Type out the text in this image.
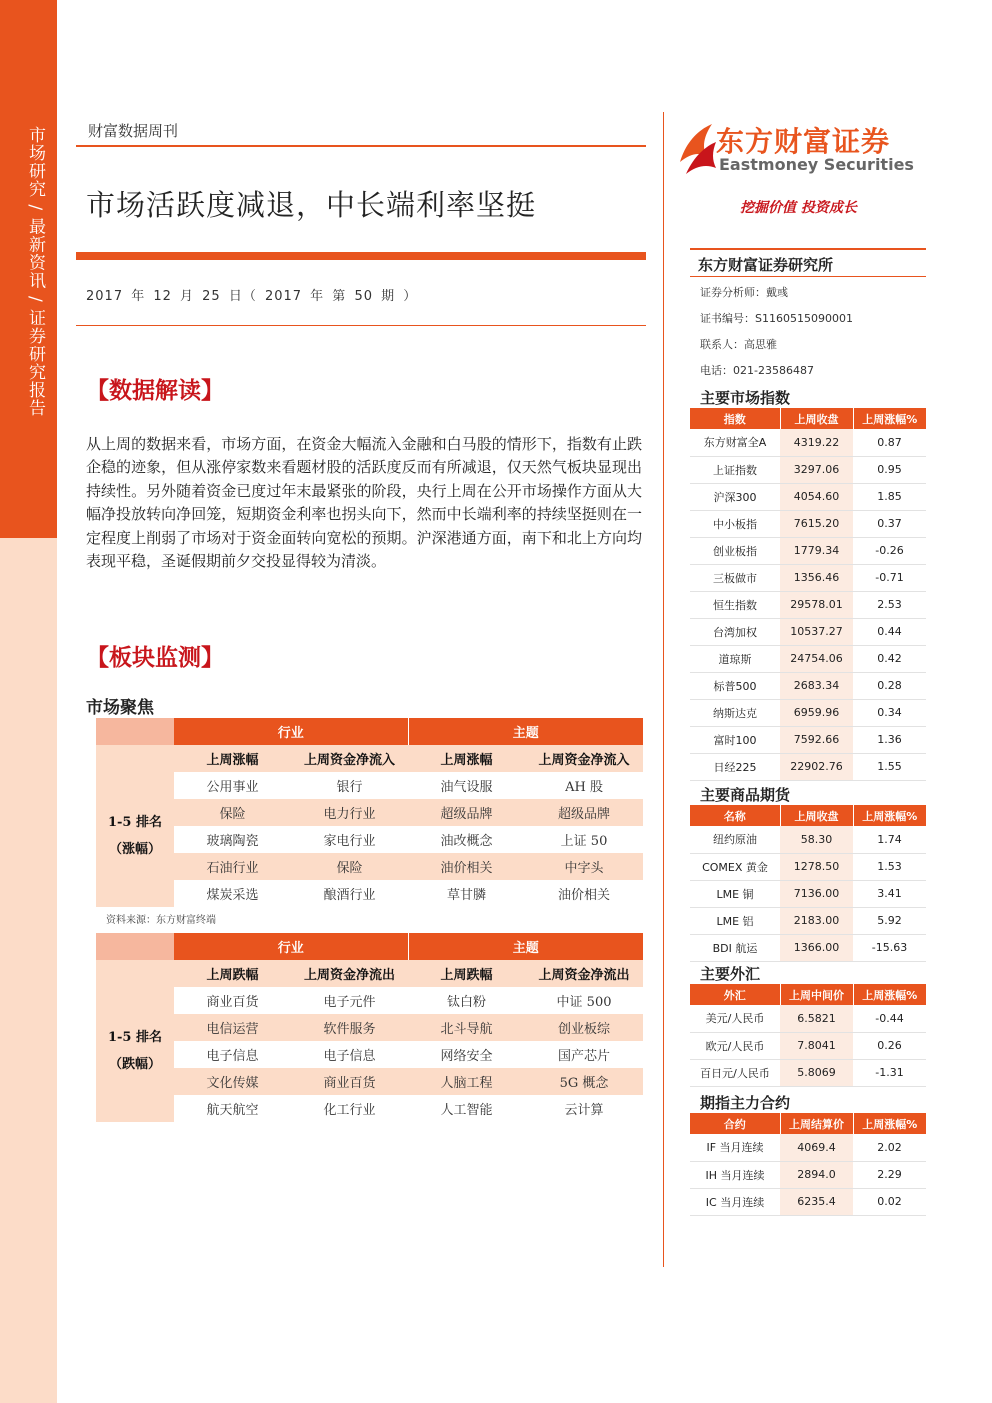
市场研究 / 最新资讯 / 证券研究报告	财富数据周刊
市场活跃度减退，中长端利率坚挺
2017 年 12 月 25 日（ 2017 年 第 50 期 ）
【数据解读】
从上周的数据来看，市场方面，在资金大幅流入金融和白马股的情形下，指数有止跌企稳的迹象，但从涨停家数来看题材股的活跃度反而有所减退，仅天然气板块显现出持续性。另外随着资金已度过年末最紧张的阶段，央行上周在公开市场操作方面从大幅净投放转向净回笼，短期资金利率也拐头向下，然而中长端利率的持续坚挺则在一定程度上削弱了市场对于资金面转向宽松的预期。沪深港通方面，南下和北上方向均表现平稳，圣诞假期前夕交投显得较为清淡。
【板块监测】
市场聚焦
	行业		主题	

1-5 排名
（涨幅）	上周涨幅	上周资金净流入	上周涨幅	上周资金净流入
	公用事业	银行	油气设服	AH 股
	保险	电力行业	超级品牌	超级品牌
	玻璃陶瓷	家电行业	油改概念	上证 50
	石油行业	保险	油价相关	中字头
	煤炭采选	酿酒行业	草甘膦	油价相关
资料来源：东方财富终端
	行业		主题	

1-5 排名
（跌幅）	上周跌幅	上周资金净流出	上周跌幅	上周资金净流出
	商业百货	电子元件	钛白粉	中证 500
	电信运营	软件服务	北斗导航	创业板综
	电子信息	电子信息	网络安全	国产芯片
	文化传媒	商业百货	人脑工程	5G 概念
	航天航空	化工行业	人工智能	云计算
东方财富证券
Eastmoney Securities
挖掘价值 投资成长
东方财富证券研究所
证券分析师：戴彧
证书编号：S1160515090001
联系人：高思雅
电话：021-23586487
主要市场指数
指数	上周收盘	上周涨幅%
东方财富全A	4319.22	0.87
上证指数	3297.06	0.95
沪深300	4054.60	1.85
中小板指	7615.20	0.37
创业板指	1779.34	-0.26
三板做市	1356.46	-0.71
恒生指数	29578.01	2.53
台湾加权	10537.27	0.44
道琼斯	24754.06	0.42
标普500	2683.34	0.28
纳斯达克	6959.96	0.34
富时100	7592.66	1.36
日经225	22902.76	1.55
主要商品期货
名称	上周收盘	上周涨幅%
纽约原油	58.30	1.74
COMEX 黄金	1278.50	1.53
LME 铜	7136.00	3.41
LME 铝	2183.00	5.92
BDI 航运	1366.00	-15.63
主要外汇
外汇	上周中间价	上周涨幅%
美元/人民币	6.5821	-0.44
欧元/人民币	7.8041	0.26
百日元/人民币	5.8069	-1.31
期指主力合约
合约	上周结算价	上周涨幅%
IF 当月连续	4069.4	2.02
IH 当月连续	2894.0	2.29
IC 当月连续	6235.4	0.02
